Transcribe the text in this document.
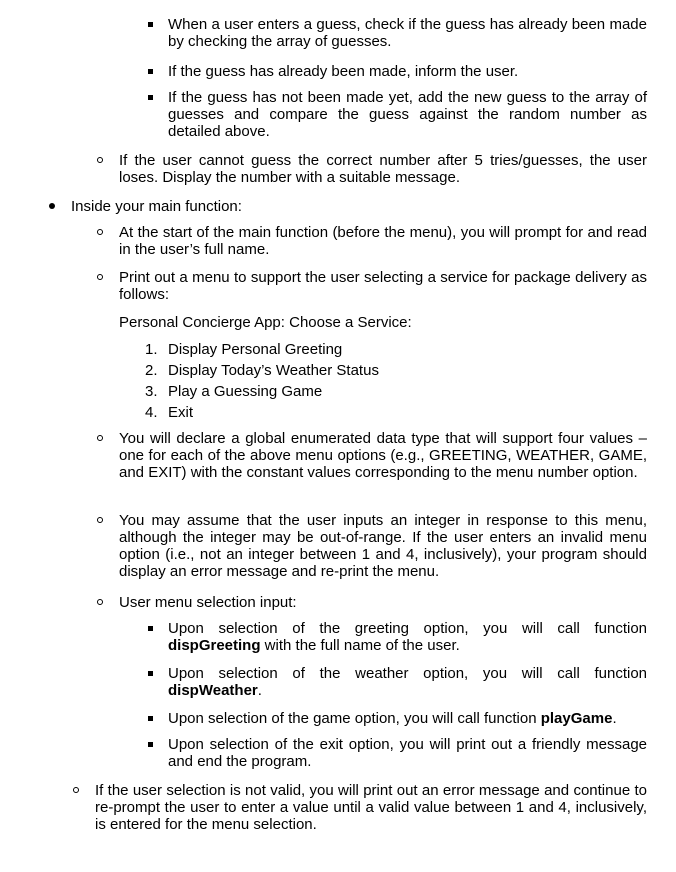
When a user enters a guess, check if the guess has already been made by checking the array of guesses.
If the guess has already been made, inform the user.
If the guess has not been made yet, add the new guess to the array of guesses and compare the guess against the random number as detailed above.
If the user cannot guess the correct number after 5 tries/guesses, the user loses. Display the number with a suitable message.
Inside your main function:
At the start of the main function (before the menu), you will prompt for and read in the user’s full name.
Print out a menu to support the user selecting a service for package delivery as follows:
Personal Concierge App: Choose a Service:
1. Display Personal Greeting
2. Display Today’s Weather Status
3. Play a Guessing Game
4. Exit
You will declare a global enumerated data type that will support four values – one for each of the above menu options (e.g., GREETING, WEATHER, GAME, and EXIT) with the constant values corresponding to the menu number option.
You may assume that the user inputs an integer in response to this menu, although the integer may be out-of-range. If the user enters an invalid menu option (i.e., not an integer between 1 and 4, inclusively), your program should display an error message and re-print the menu.
User menu selection input:
Upon selection of the greeting option, you will call function dispGreeting with the full name of the user.
Upon selection of the weather option, you will call function dispWeather.
Upon selection of the game option, you will call function playGame.
Upon selection of the exit option, you will print out a friendly message and end the program.
If the user selection is not valid, you will print out an error message and continue to re-prompt the user to enter a value until a valid value between 1 and 4, inclusively, is entered for the menu selection.
